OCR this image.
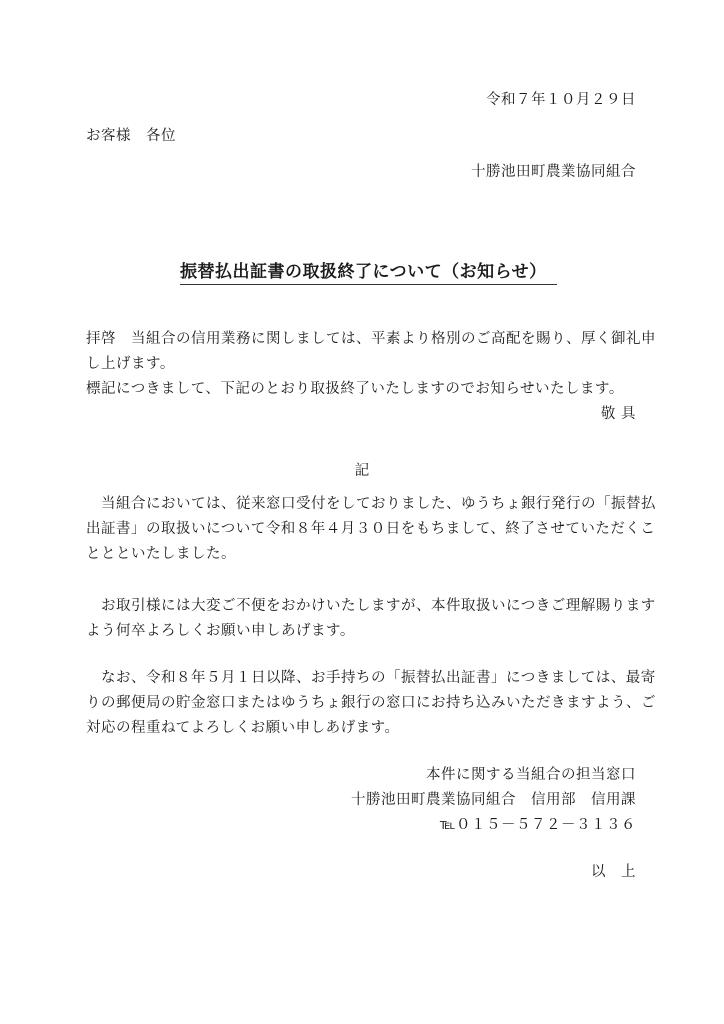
令和７年１０月２９日
お客様　各位
十勝池田町農業協同組合
振替払出証書の取扱終了について（お知らせ）
拝啓　当組合の信用業務に関しましては、平素より格別のご高配を賜り、厚く御礼申
し上げます。
標記につきまして、下記のとおり取扱終了いたしますのでお知らせいたします。
敬 具
記
　当組合においては、従来窓口受付をしておりました、ゆうちょ銀行発行の「振替払
出証書」の取扱いについて令和８年４月３０日をもちまして、終了させていただくこ
ととといたしました。
　お取引様には大変ご不便をおかけいたしますが、本件取扱いにつきご理解賜ります
よう何卒よろしくお願い申しあげます。
　なお、令和８年５月１日以降、お手持ちの「振替払出証書」につきましては、最寄
りの郵便局の貯金窓口またはゆうちょ銀行の窓口にお持ち込みいただきますよう、ご
対応の程重ねてよろしくお願い申しあげます。
本件に関する当組合の担当窓口
十勝池田町農業協同組合　信用部　信用課
℡０１５－５７２－３１３６
以　上
